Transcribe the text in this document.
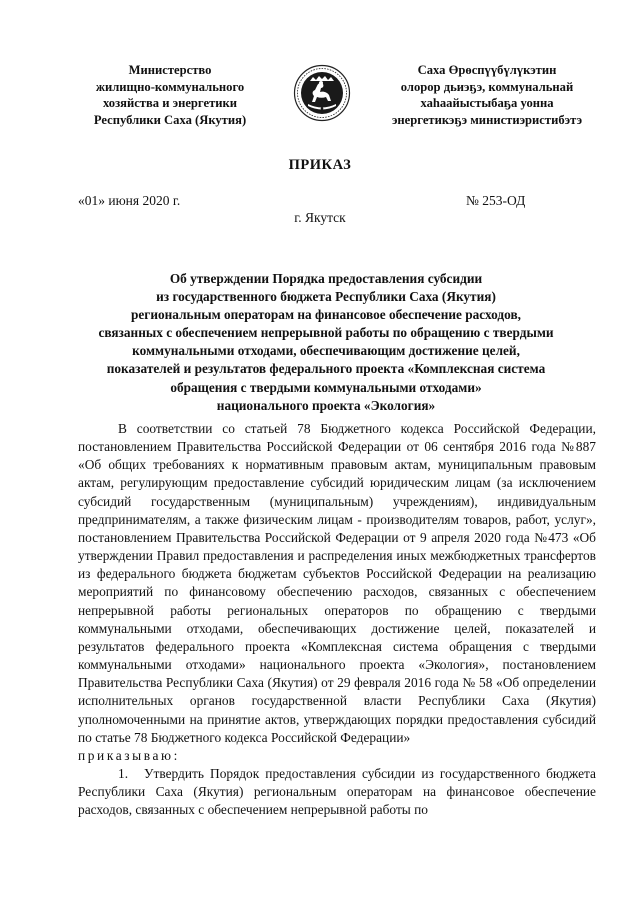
Министерство
жилищно-коммунального
хозяйства и энергетики
Республики Саха (Якутия)
Саха Өрөспүүбүлүкэтин
олорор дьиэҕэ, коммунальнай
хаһаайыстыбаҕа уонна
энергетикэҕэ министиэристибэтэ
ПРИКАЗ
«01» июня 2020 г.	№ 253-ОД
г. Якутск
Об утверждении Порядка предоставления субсидии
из государственного бюджета Республики Саха (Якутия)
региональным операторам на финансовое обеспечение расходов,
связанных с обеспечением непрерывной работы по обращению с твердыми
коммунальными отходами, обеспечивающим достижение целей,
показателей и результатов федерального проекта «Комплексная система
обращения с твердыми коммунальными отходами»
национального проекта «Экология»

В соответствии со статьей 78 Бюджетного кодекса Российской Федерации, постановлением Правительства Российской Федерации от 06 сентября 2016 года №887 «Об общих требованиях к нормативным правовым актам, муниципальным правовым актам, регулирующим предоставление субсидий юридическим лицам (за исключением субсидий государственным (муниципальным) учреждениям), индивидуальным предпринимателям, а также физическим лицам - производителям товаров, работ, услуг», постановлением Правительства Российской Федерации от 9 апреля 2020 года №473 «Об утверждении Правил предоставления и распределения иных межбюджетных трансфертов из федерального бюджета бюджетам субъектов Российской Федерации на реализацию мероприятий по финансовому обеспечению расходов, связанных с обеспечением непрерывной работы региональных операторов по обращению с твердыми коммунальными отходами, обеспечивающих достижение целей, показателей и результатов федерального проекта «Комплексная система обращения с твердыми коммунальными отходами» национального проекта «Экология», постановлением Правительства Республики Саха (Якутия) от 29 февраля 2016 года № 58 «Об определении исполнительных органов государственной власти Республики Саха (Якутия) уполномоченными на принятие актов, утверждающих порядки предоставления субсидий по статье 78 Бюджетного кодекса Российской Федерации»

приказываю:

1. Утвердить Порядок предоставления субсидии из государственного бюджета Республики Саха (Якутия) региональным операторам на финансовое обеспечение расходов, связанных с обеспечением непрерывной работы по
